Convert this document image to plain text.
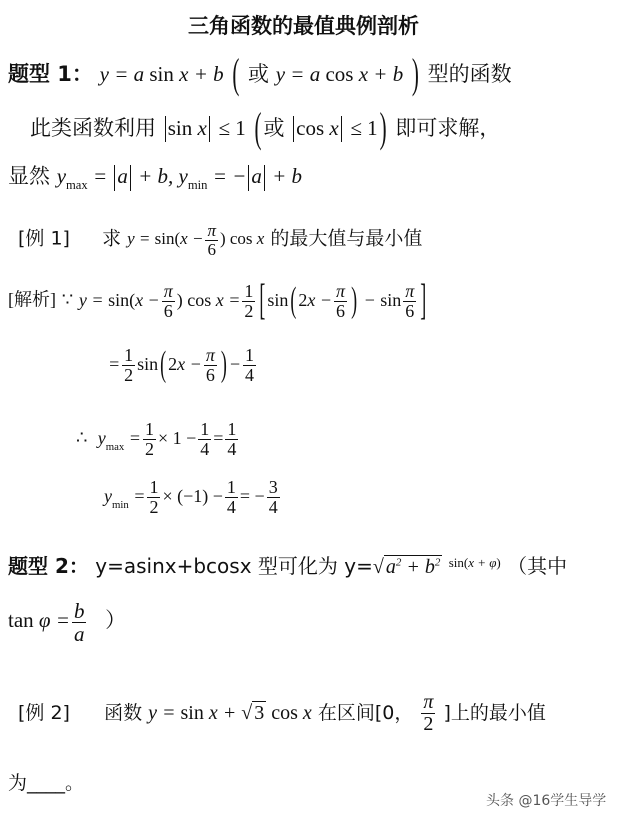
三角函数的最值典例剖析
题型 1： y = a sin x + b ( 或 y = a cos x + b ) 型的函数
此类函数利用 sin x ≤ 1 (或 cos x ≤ 1) 即可求解，
显然 $y_{max} = a + b$, $y_{min}$ = − a + b
[例 1] 求 $y = \sin(x - \frac{\pi}{6}$ ) cos x 的最大值与最小值
[解析] ∵ $y = \sin(x - \frac{\pi}{6}$ ) $\cos x = \frac{1}{2}$ [ sin ( $2x - \frac{\pi}{6}$ ) − $\sin \frac{\pi}{6}$ ]
= $\frac{1}{2}$ sin ( $2x - \frac{\pi}{6}$ ) − $\frac{1}{4}$
∴  $y_{max} = \frac{1}{2} \times 1 - \frac{1}{4} = \frac{1}{4}$
$y_{min} = \frac{1}{2} \times (-1) - \frac{1}{4}$ = − $\frac{3}{4}$
题型 2： y=asinx+bcosx 型可化为 y=√ $a^2 + b^2$ $^{sin(x + \varphi)}$ （其中
$\tan \varphi = \frac{b}{a}$ ）
[例 2] 函数 y = sin x + √ 3 cos x 在区间[0， $\frac{\pi}{2}$ ]上的最小值
为____。
头条 @16学生导学
